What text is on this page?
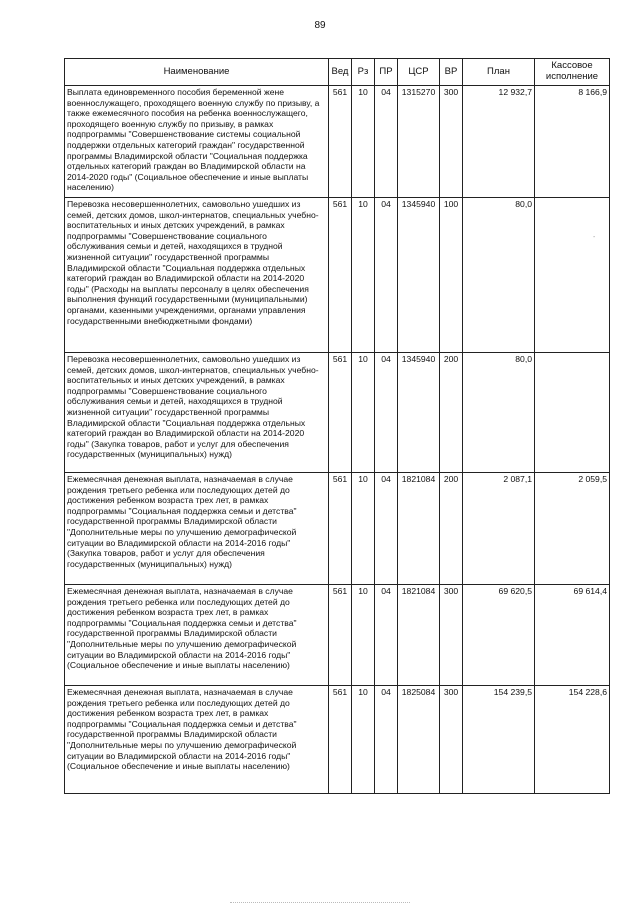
89
Наименование	Вед	Рз	ПР	ЦСР	ВР	План	Кассовое исполнение
Выплата единовременного пособия беременной жене военнослужащего, проходящего военную службу по призыву, а также ежемесячного пособия на ребенка военнослужащего, проходящего военную службу по призыву, в рамках подпрограммы "Совершенствование системы социальной поддержки отдельных категорий граждан" государственной программы Владимирской области "Социальная поддержка отдельных категорий граждан во Владимирской области на 2014-2020 годы" (Социальное обеспечение и иные выплаты населению)	561	10	04	1315270	300	12 932,7	8 166,9
Перевозка несовершеннолетних, самовольно ушедших из семей, детских домов, школ-интернатов, специальных учебно-воспитательных и иных детских учреждений, в рамках подпрограммы "Совершенствование социального обслуживания семьи и детей, находящихся в трудной жизненной ситуации" государственной программы Владимирской области "Социальная поддержка отдельных категорий граждан во Владимирской области на 2014-2020 годы" (Расходы на выплаты персоналу в целях обеспечения выполнения функций государственными (муниципальными) органами, казенными учреждениями, органами управления государственными внебюджетными фондами)	561	10	04	1345940	100	80,0	
Перевозка несовершеннолетних, самовольно ушедших из семей, детских домов, школ-интернатов, специальных учебно-воспитательных и иных детских учреждений, в рамках подпрограммы "Совершенствование социального обслуживания семьи и детей, находящихся в трудной жизненной ситуации" государственной программы Владимирской области "Социальная поддержка отдельных категорий граждан во Владимирской области на 2014-2020 годы" (Закупка товаров, работ и услуг для обеспечения государственных (муниципальных) нужд)	561	10	04	1345940	200	80,0	
Ежемесячная денежная выплата, назначаемая в случае рождения третьего ребенка или последующих детей до достижения ребенком возраста трех лет, в рамках подпрограммы "Социальная поддержка семьи и детства" государственной программы Владимирской области "Дополнительные меры по улучшению демографической ситуации во Владимирской области на 2014-2016 годы" (Закупка товаров, работ и услуг для обеспечения государственных (муниципальных) нужд)	561	10	04	1821084	200	2 087,1	2 059,5
Ежемесячная денежная выплата, назначаемая в случае рождения третьего ребенка или последующих детей до достижения ребенком возраста трех лет, в рамках подпрограммы "Социальная поддержка семьи и детства" государственной программы Владимирской области "Дополнительные меры по улучшению демографической ситуации во Владимирской области на 2014-2016 годы" (Социальное обеспечение и иные выплаты населению)	561	10	04	1821084	300	69 620,5	69 614,4
Ежемесячная денежная выплата, назначаемая в случае рождения третьего ребенка или последующих детей до достижения ребенком возраста трех лет, в рамках подпрограммы "Социальная поддержка семьи и детства" государственной программы Владимирской области "Дополнительные меры по улучшению демографической ситуации во Владимирской области на 2014-2016 годы" (Социальное обеспечение и иные выплаты населению)	561	10	04	1825084	300	154 239,5	154 228,6
-
